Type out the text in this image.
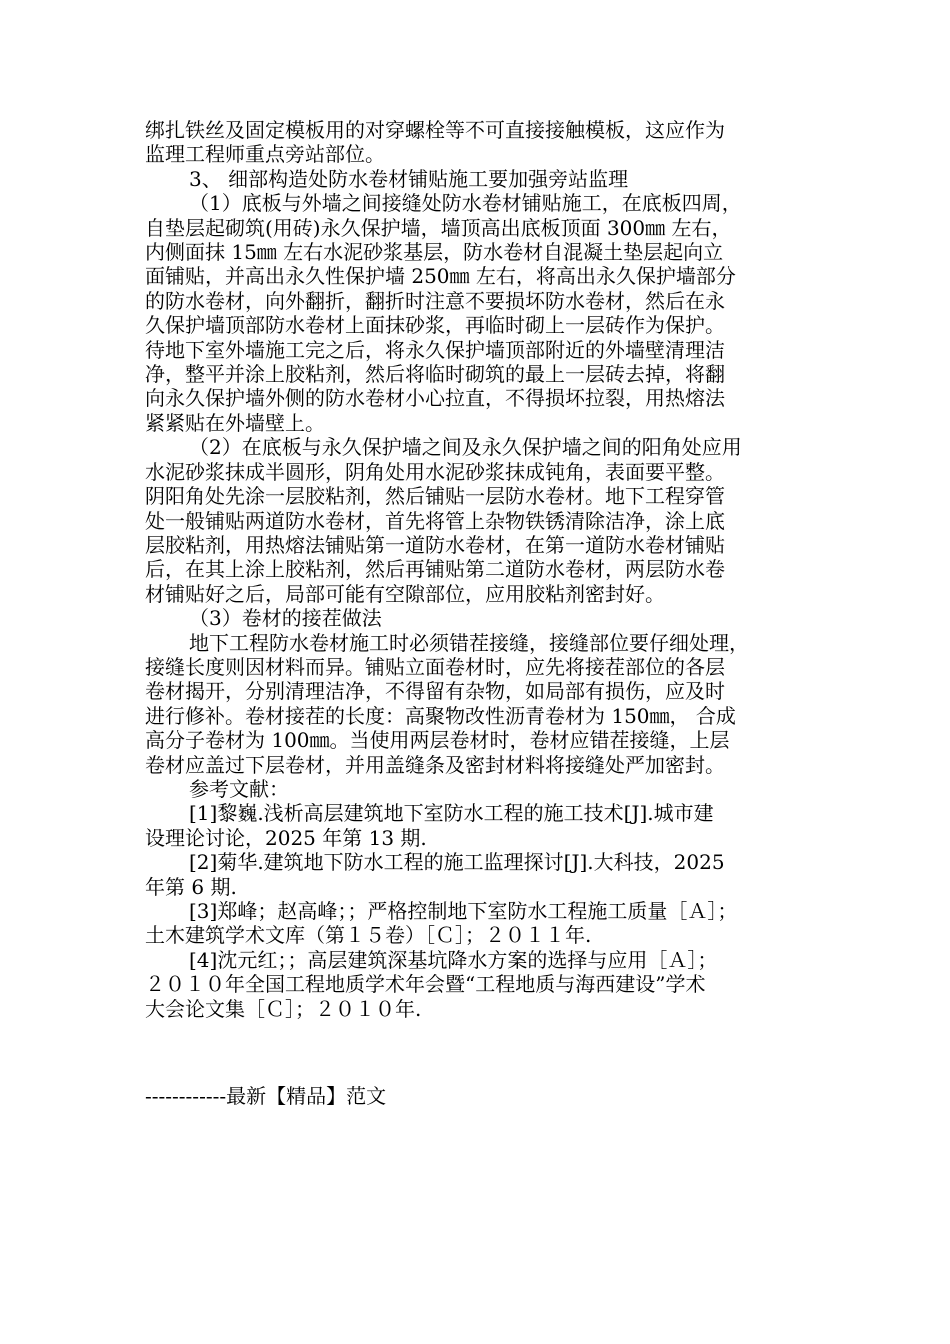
绑扎铁丝及固定模板用的对穿螺栓等不可直接接触模板，这应作为
监理工程师重点旁站部位。
3、 细部构造处防水卷材铺贴施工要加强旁站监理
（1）底板与外墙之间接缝处防水卷材铺贴施工，在底板四周，
自垫层起砌筑(用砖)永久保护墙，墙顶高出底板顶面 300㎜ 左右，
内侧面抹 15㎜ 左右水泥砂浆基层，防水卷材自混凝土垫层起向立
面铺贴，并高出永久性保护墙 250㎜ 左右，将高出永久保护墙部分
的防水卷材，向外翻折，翻折时注意不要损坏防水卷材，然后在永
久保护墙顶部防水卷材上面抹砂浆，再临时砌上一层砖作为保护。
待地下室外墙施工完之后，将永久保护墙顶部附近的外墙壁清理洁
净，整平并涂上胶粘剂，然后将临时砌筑的最上一层砖去掉，将翻
向永久保护墙外侧的防水卷材小心拉直，不得损坏拉裂，用热熔法
紧紧贴在外墙壁上。
（2）在底板与永久保护墙之间及永久保护墙之间的阳角处应用
水泥砂浆抹成半圆形，阴角处用水泥砂浆抹成钝角，表面要平整。
阴阳角处先涂一层胶粘剂，然后铺贴一层防水卷材。地下工程穿管
处一般铺贴两道防水卷材，首先将管上杂物铁锈清除洁净，涂上底
层胶粘剂，用热熔法铺贴第一道防水卷材，在第一道防水卷材铺贴
后，在其上涂上胶粘剂，然后再铺贴第二道防水卷材，两层防水卷
材铺贴好之后，局部可能有空隙部位，应用胶粘剂密封好。
（3）卷材的接茬做法
地下工程防水卷材施工时必须错茬接缝，接缝部位要仔细处理，
接缝长度则因材料而异。铺贴立面卷材时，应先将接茬部位的各层
卷材揭开，分别清理洁净，不得留有杂物，如局部有损伤，应及时
进行修补。卷材接茬的长度：高聚物改性沥青卷材为 150㎜， 合成
高分子卷材为 100㎜。当使用两层卷材时，卷材应错茬接缝，上层
卷材应盖过下层卷材，并用盖缝条及密封材料将接缝处严加密封。
参考文献：
[1]黎巍.浅析高层建筑地下室防水工程的施工技术[J].城市建
设理论讨论，2025 年第 13 期.
[2]菊华.建筑地下防水工程的施工监理探讨[J].大科技，2025
年第 6 期.
[3]郑峰；赵高峰；；严格控制地下室防水工程施工质量［Ａ］；
土木建筑学术文库（第１５卷）［Ｃ］；２０１１年.
[4]沈元红；；高层建筑深基坑降水方案的选择与应用［Ａ］；
２０１０年全国工程地质学术年会暨“工程地质与海西建设”学术
大会论文集［Ｃ］；２０１０年.
------------最新【精品】范文
